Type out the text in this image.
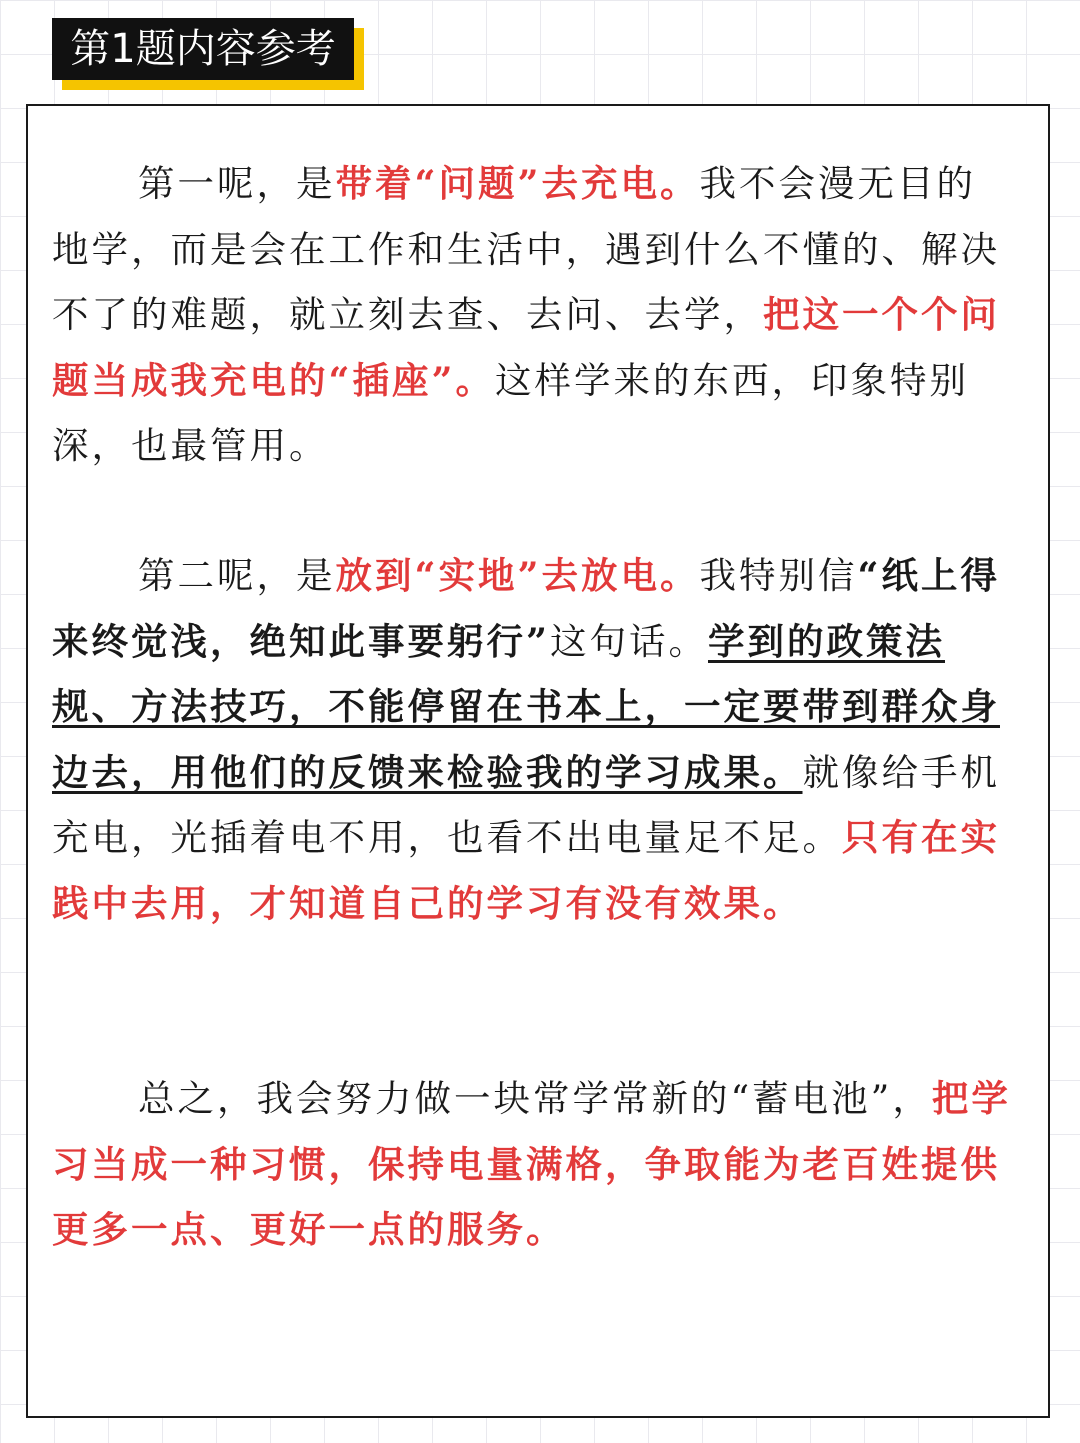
第1题内容参考
第一呢，是带着“问题”去充电。我不会漫无目的地学，而是会在工作和生活中，遇到什么不懂的、解决不了的难题，就立刻去查、去问、去学，把这一个个问题当成我充电的“插座”。这样学来的东西，印象特别深，也最管用。
第二呢，是放到“实地”去放电。我特别信“纸上得来终觉浅，绝知此事要躬行”这句话。学到的政策法规、方法技巧，不能停留在书本上，一定要带到群众身边去，用他们的反馈来检验我的学习成果。就像给手机充电，光插着电不用，也看不出电量足不足。只有在实践中去用，才知道自己的学习有没有效果。
总之，我会努力做一块常学常新的“蓄电池”，把学习当成一种习惯，保持电量满格，争取能为老百姓提供更多一点、更好一点的服务。
